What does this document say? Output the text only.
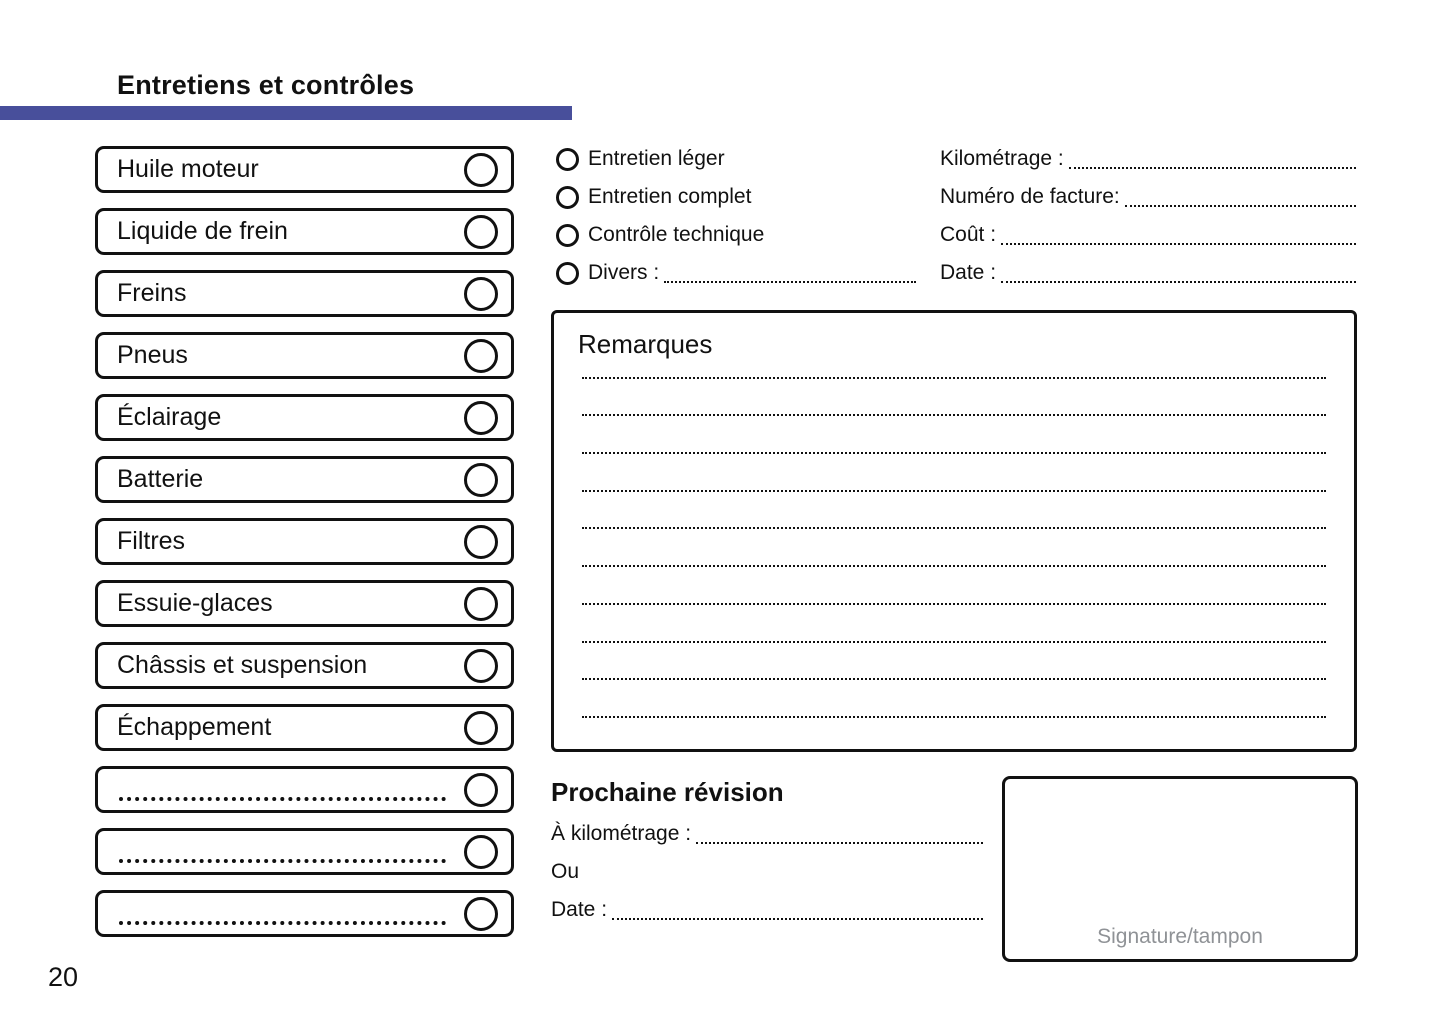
Entretiens et contrôles
Huile moteur
Liquide de frein
Freins
Pneus
Éclairage
Batterie
Filtres
Essuie-glaces
Châssis et suspension
Échappement
Entretien léger
Entretien complet
Contrôle technique
Divers :
Kilométrage :
Numéro de facture:
Coût :
Date :
Remarques
Prochaine révision
À kilométrage :
Ou
Date :
Signature/tampon
20
